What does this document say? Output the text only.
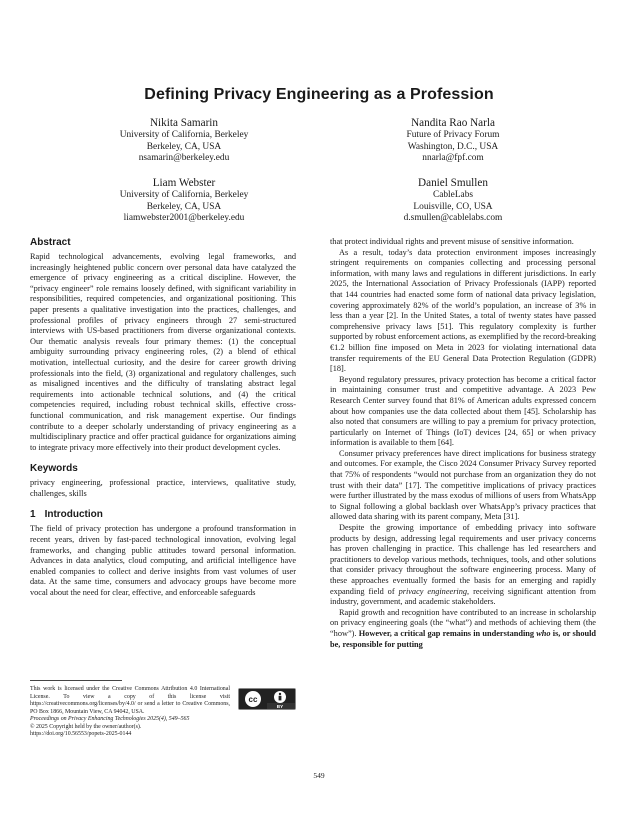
Defining Privacy Engineering as a Profession
Nikita Samarin
University of California, Berkeley
Berkeley, CA, USA
nsamarin@berkeley.edu
Nandita Rao Narla
Future of Privacy Forum
Washington, D.C., USA
nnarla@fpf.com
Liam Webster
University of California, Berkeley
Berkeley, CA, USA
liamwebster2001@berkeley.edu
Daniel Smullen
CableLabs
Louisville, CO, USA
d.smullen@cablelabs.com
Abstract

Rapid technological advancements, evolving legal frameworks, and increasingly heightened public concern over personal data have catalyzed the emergence of privacy engineering as a critical discipline. However, the “privacy engineer” role remains loosely defined, with significant variability in responsibilities, required competencies, and organizational positioning. This paper presents a qualitative investigation into the practices, challenges, and professional profiles of privacy engineers through 27 semi-structured interviews with US-based practitioners from diverse organizational contexts. Our thematic analysis reveals four primary themes: (1) the conceptual ambiguity surrounding privacy engineering roles, (2) a blend of ethical motivation, intellectual curiosity, and the desire for career growth driving professionals into the field, (3) organizational and regulatory challenges, such as misaligned incentives and the difficulty of translating abstract legal requirements into actionable technical solutions, and (4) the critical competencies required, including robust technical skills, effective cross-functional communication, and risk management expertise. Our findings contribute to a deeper scholarly understanding of privacy engineering as a multidisciplinary practice and offer practical guidance for organizations aiming to integrate privacy more effectively into their product development cycles.

Keywords

privacy engineering, professional practice, interviews, qualitative study, challenges, skills

1 Introduction

The field of privacy protection has undergone a profound transformation in recent years, driven by fast-paced technological innovation, evolving legal frameworks, and changing public attitudes toward personal information. Advances in data analytics, cloud computing, and artificial intelligence have enabled companies to collect and derive insights from vast volumes of user data. At the same time, consumers and advocacy groups have become more vocal about the need for clear, effective, and enforceable safeguards

This work is licensed under the Creative Commons Attribution 4.0 International License. To view a copy of this license visit https://creativecommons.org/licenses/by/4.0/ or send a letter to Creative Commons, PO Box 1866, Mountain View, CA 94042, USA.
cc
BY
Proceedings on Privacy Enhancing Technologies 2025(4), 549–565
© 2025 Copyright held by the owner/author(s).
https://doi.org/10.56553/popets-2025-0144

that protect individual rights and prevent misuse of sensitive information.

As a result, today’s data protection environment imposes increasingly stringent requirements on companies collecting and processing personal information, with many laws and regulations in different jurisdictions. In early 2025, the International Association of Privacy Professionals (IAPP) reported that 144 countries had enacted some form of national data privacy legislation, covering approximately 82% of the world’s population, an increase of 3% in less than a year [2]. In the United States, a total of twenty states have passed comprehensive privacy laws [51]. This regulatory complexity is further supported by robust enforcement actions, as exemplified by the record-breaking €1.2 billion fine imposed on Meta in 2023 for violating international data transfer requirements of the EU General Data Protection Regulation (GDPR) [18].

Beyond regulatory pressures, privacy protection has become a critical factor in maintaining consumer trust and competitive advantage. A 2023 Pew Research Center survey found that 81% of American adults expressed concern about how companies use the data collected about them [45]. Scholarship has also noted that consumers are willing to pay a premium for privacy protection, particularly on Internet of Things (IoT) devices [24, 65] or when privacy information is available to them [64].

Consumer privacy preferences have direct implications for business strategy and outcomes. For example, the Cisco 2024 Consumer Privacy Survey reported that 75% of respondents “would not purchase from an organization they do not trust with their data” [17]. The competitive implications of privacy practices were further illustrated by the mass exodus of millions of users from WhatsApp to Signal following a global backlash over WhatsApp’s privacy practices that allowed data sharing with its parent company, Meta [31].

Despite the growing importance of embedding privacy into software products by design, addressing legal requirements and user privacy concerns has proven challenging in practice. This challenge has led researchers and practitioners to develop various methods, techniques, tools, and other solutions that consider privacy throughout the software engineering process. Many of these approaches eventually formed the basis for an emerging and rapidly expanding field of privacy engineering, receiving significant attention from industry, government, and academic stakeholders.

Rapid growth and recognition have contributed to an increase in scholarship on privacy engineering goals (the “what”) and methods of achieving them (the “how”). However, a critical gap remains in understanding who is, or should be, responsible for putting

549
